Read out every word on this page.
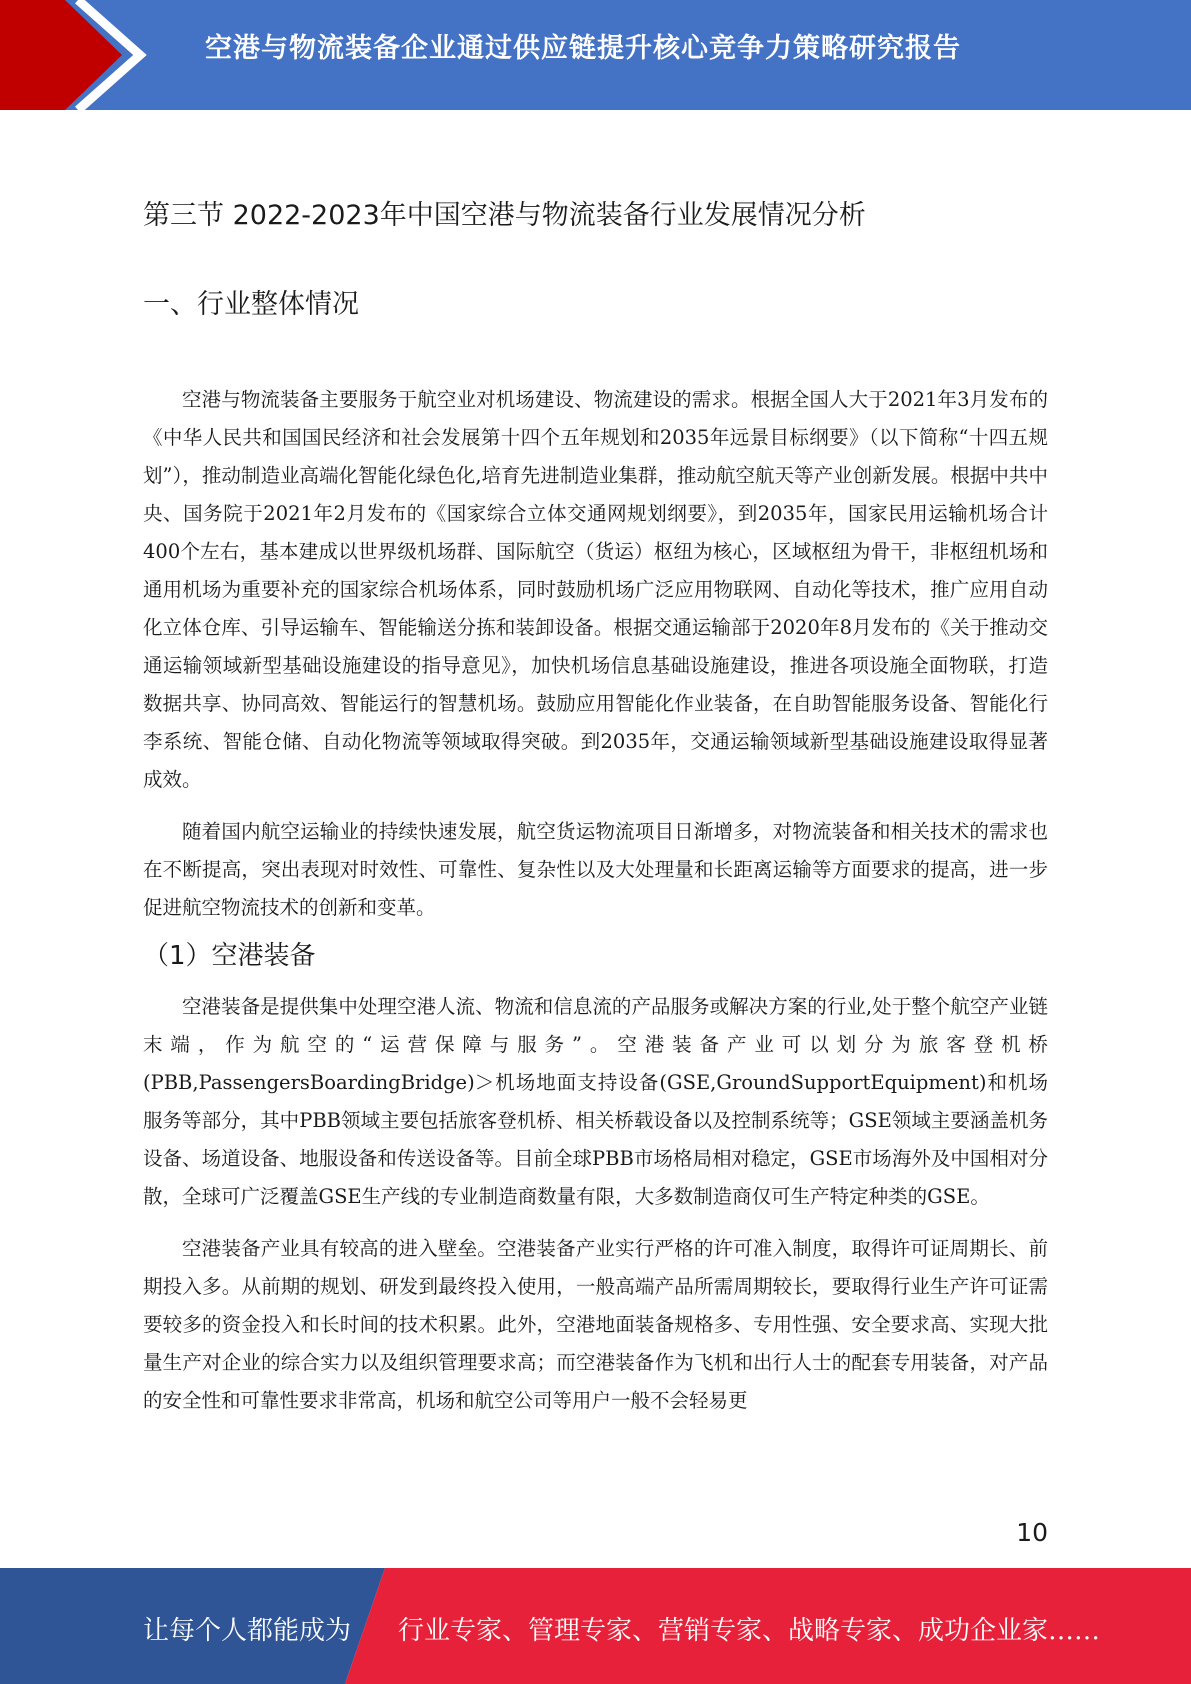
空港与物流装备企业通过供应链提升核心竞争力策略研究报告
第三节 2022-2023年中国空港与物流装备行业发展情况分析
一、行业整体情况

空港与物流装备主要服务于航空业对机场建设、物流建设的需求。根据全国人大于2021年3月发布的《中华人民共和国国民经济和社会发展第十四个五年规划和2035年远景目标纲要》（以下简称“十四五规划”），推动制造业高端化智能化绿色化,培育先进制造业集群，推动航空航天等产业创新发展。根据中共中央、国务院于2021年2月发布的《国家综合立体交通网规划纲要》，到2035年，国家民用运输机场合计400个左右，基本建成以世界级机场群、国际航空（货运）枢纽为核心，区域枢纽为骨干，非枢纽机场和通用机场为重要补充的国家综合机场体系，同时鼓励机场广泛应用物联网、自动化等技术，推广应用自动化立体仓库、引导运输车、智能输送分拣和装卸设备。根据交通运输部于2020年8月发布的《关于推动交通运输领域新型基础设施建设的指导意见》，加快机场信息基础设施建设，推进各项设施全面物联，打造数据共享、协同高效、智能运行的智慧机场。鼓励应用智能化作业装备，在自助智能服务设备、智能化行李系统、智能仓储、自动化物流等领域取得突破。到2035年，交通运输领域新型基础设施建设取得显著成效。

随着国内航空运输业的持续快速发展，航空货运物流项目日渐增多，对物流装备和相关技术的需求也在不断提高，突出表现对时效性、可靠性、复杂性以及大处理量和长距离运输等方面要求的提高，进一步促进航空物流技术的创新和变革。

（1）空港装备

空港装备是提供集中处理空港人流、物流和信息流的产品服务或解决方案的行业,处于整个航空产业链末端，作为航空的“运营保障与服务”。空港装备产业可以划分为旅客登机桥(PBB,PassengersBoardingBridge)＞机场地面支持设备(GSE,GroundSupportEquipment)和机场服务等部分，其中PBB领域主要包括旅客登机桥、相关桥载设备以及控制系统等；GSE领域主要涵盖机务设备、场道设备、地服设备和传送设备等。目前全球PBB市场格局相对稳定，GSE市场海外及中国相对分散，全球可广泛覆盖GSE生产线的专业制造商数量有限，大多数制造商仅可生产特定种类的GSE。

空港装备产业具有较高的进入壁垒。空港装备产业实行严格的许可准入制度，取得许可证周期长、前期投入多。从前期的规划、研发到最终投入使用，一般高端产品所需周期较长，要取得行业生产许可证需要较多的资金投入和长时间的技术积累。此外，空港地面装备规格多、专用性强、安全要求高、实现大批量生产对企业的综合实力以及组织管理要求高；而空港装备作为飞机和出行人士的配套专用装备，对产品的安全性和可靠性要求非常高，机场和航空公司等用户一般不会轻易更

10
让每个人都能成为 行业专家、管理专家、营销专家、战略专家、成功企业家……
